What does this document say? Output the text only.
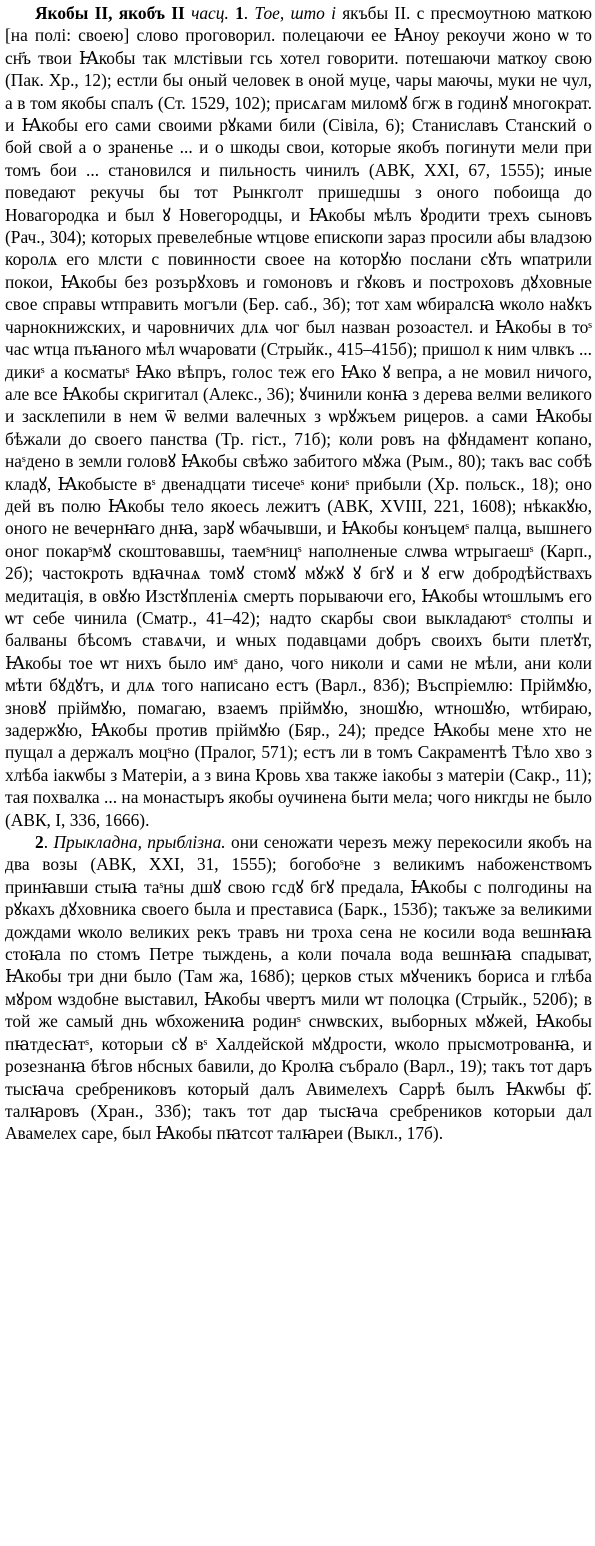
Якобы II, якобъ II часц. 1. Тое, што і якъбы II. с пресмоутною маткою [на полі: своею] слово проговорил. полецаючи ее Ꙗноу рекоучи жоно ѡ то сн҃ъ твои Ꙗкобы так млстівыи гсь хотел говорити. потешаючи маткоу свою (Пак. Хр., 12); естли бы оный человек в оной муце, чары маючы, муки не чул, а в том якобы спалъ (Ст. 1529, 102); присѧгам миломꙋ бгж в годинꙋ многократ. и Ꙗкобы его сами своими рꙋками били (Сівіла, 6); Станиславъ Станский о бой свой а о зраненье ... и о шкоды свои, которые якобъ погинути мели при томъ бои ... становился и пильность чинилъ (АВК, XXI, 67, 1555); иные поведают рекучы бы тот Рынкголт пришедшы з оного побоища до Новагородка и был ꙋ Новегородцы, и Ꙗкобы мѣлъ ꙋродити трехъ сыновъ (Рач., 304); которых превелебные ѡтцове епископи зараз просили абы владзою королѧ его млсти с повинности своее на которꙋю послани сꙋть ѡпатрили покои, Ꙗкобы без розърꙋховъ и гомоновъ и гꙋковъ и построховъ дꙋховные свое справы ѡтправить могъли (Бер. саб., 3б); тот хам ѡбиралсꙗ ѡколо наꙋкъ чарнокнижских, и чаровничих длѧ чог был назван розоастел. и Ꙗкобы в тоˢ час ѡтца пъꙗного мѣл ѡчаровати (Стрыйк., 415–415б); пришол к ним члвкъ ... дикиˢ а косматыˢ Ꙗко вѣпръ, голос теж его Ꙗко ꙋ вепра, а не мовил ничого, але все Ꙗкобы скригитал (Алекс., 36); ꙋчинили конꙗ з дерева велми великого и засклепили в нем ѿ велми валечных з ѡрꙋжъем рицеров. а сами Ꙗкобы бѣжали до своего панства (Тр. гіст., 71б); коли ровъ на фꙋндамент копано, наˢдено в земли головꙋ Ꙗкобы свѣжо забитого мꙋжа (Рым., 80); такъ вас собѣ кладꙋ, Ꙗкобысте вˢ двенадцати тисечеˢ кониˢ прибыли (Хр. польск., 18); оно дей въ полю Ꙗкобы тело якоесь лежитъ (АВК, XVIII, 221, 1608); нѣкакꙋю, оного не вечернꙗго днꙗ, зарꙋ ѡбачывши, и Ꙗкобы конъцемˢ палца, вышнего оног покарˢмꙋ скоштовавшы, таемˢницˢ наполненые слѡва ѡтрыгаешˢ (Карп., 2б); частокроть вдꙗчнаѧ томꙋ стомꙋ мꙋжꙋ ꙋ бгꙋ и ꙋ егѡ добродѣйствахъ медитація, в овꙋю Изстꙋпленіѧ смерть порываючи его, Ꙗкобы ѡтошлымъ его ѡт себе чинила (Сматр., 41–42); надто скарбы свои выкладаютˢ столпы и балваны бѣсомъ ставѧчи, и ѡных подавцами добръ своихъ быти плетꙋт, Ꙗкобы тое ѡт нихъ было имˢ дано, чого николи и сами не мѣли, ани коли мѣти бꙋдꙋтъ, и длѧ того написано естъ (Варл., 83б); Въспріемлю: Пріймꙋю, зновꙋ пріймꙋю, помагаю, взаемъ пріймꙋю, зношꙋю, ѡтношꙋю, ѡтбираю, задержꙋю, Ꙗкобы против пріймꙋю (Бяр., 24); предсе Ꙗкобы мене хто не пущал а держалъ моцˢно (Пралог, 571); естъ ли в томъ Сакраментѣ Тѣло хво з хлѣба іакѡбы з Матеріи, а з вина Кровь хва также іакобы з матеріи (Сакр., 11); тая похвалка ... на монастыръ якобы оучинена быти мела; чого никгды не было (АВК, I, 336, 1666).

2. Прыкладна, прыблізна. они сеножати черезъ межу перекосили якобъ на два возы (АВК, XXI, 31, 1555); богобоˢне з великимъ набоженствомъ принꙗвши стыꙗ таˢны дшꙋ свою гсдꙋ бгꙋ предала, Ꙗкобы с полгодины на рꙋкахъ дꙋховника своего была и престависа (Барк., 153б); такъже за великими дождами ѡколо великих рекъ травъ ни троха сена не косили вода вешнꙗꙗ стоꙗла по стомъ Петре тыждень, а коли почала вода вешнꙗꙗ спадыват, Ꙗкобы три дни было (Там жа, 168б); церков стых мꙋченикъ бориса и глѣба мꙋром ѡздобне выставил, Ꙗкобы чвертъ мили ѡт полоцка (Стрыйк., 520б); в той же самый днь ѡбхожениꙗ родинˢ снѡвских, выборных мꙋжей, Ꙗкобы пꙗтдесꙗтˢ, которыи сꙋ вˢ Халдейской мꙋдрости, ѡколо прысмотрованꙗ, и розезнанꙗ бѣгов нбсных бавили, до Кролꙗ събрало (Варл., 19); такъ тот даръ тысꙗча сребрениковъ который далъ Авимелехъ Саррѣ былъ Ꙗкѡбы ф҃. талꙗровъ (Хран., 33б); такъ тот дар тысꙗча сребреников которыи дал Авамелех саре, был Ꙗкобы пꙗтсот талꙗреи (Выкл., 17б).
